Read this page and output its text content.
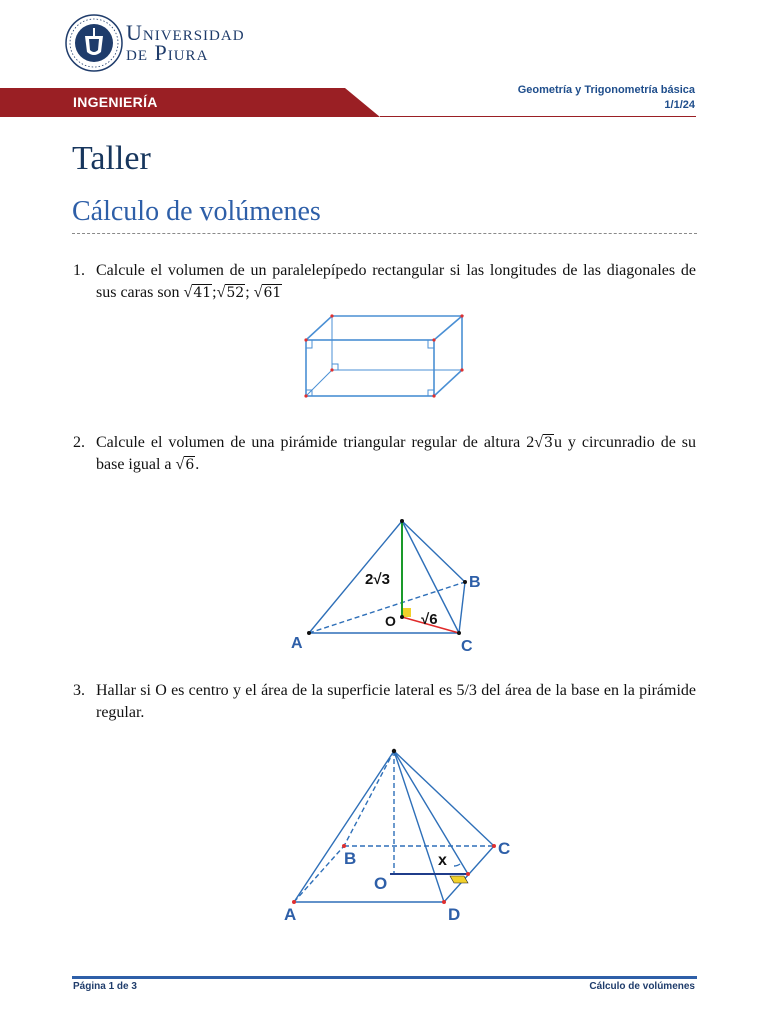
Universidad
de Piura
INGENIERÍA
Geometría y Trigonometría básica
1/1/24
Taller
Cálculo de volúmenes
1. Calcule el volumen de un paralelepípedo rectangular si las longitudes de las diagonales de sus caras son √41;√52; √61
2. Calcule el volumen de una pirámide triangular regular de altura 2√3u y circunradio de su base igual a √6.
2√3	B
O √6
A	C
3. Hallar si O es centro y el área de la superficie lateral es 5/3 del área de la base en la pirámide regular.
C
B	x
O
A	D
Página 1 de 3	Cálculo de volúmenes
